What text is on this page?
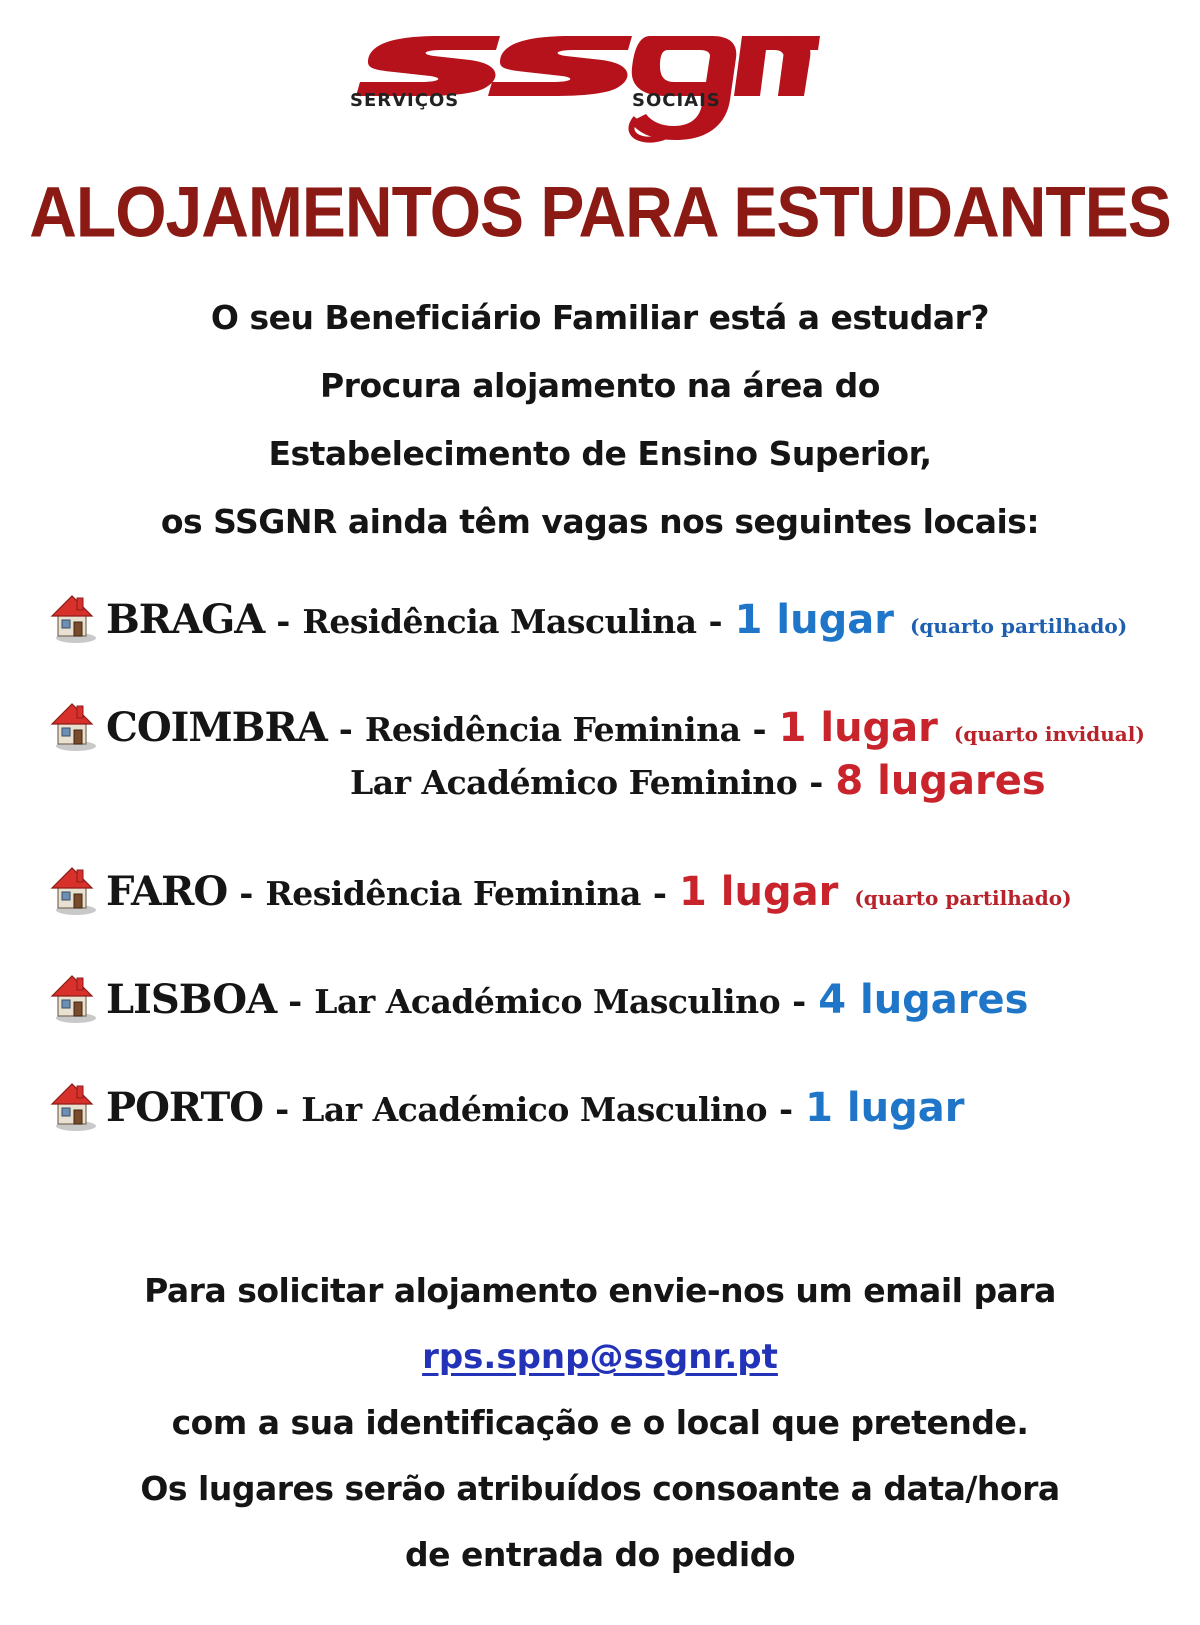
SERVIÇOS	SOCIAIS
ALOJAMENTOS PARA ESTUDANTES
O seu Beneficiário Familiar está a estudar?
Procura alojamento na área do
Estabelecimento de Ensino Superior,
os SSGNR ainda têm vagas nos seguintes locais:
BRAGA - Residência Masculina - 1 lugar (quarto partilhado)
COIMBRA - Residência Feminina - 1 lugar (quarto invidual)
Lar Académico Feminino - 8 lugares
FARO - Residência Feminina - 1 lugar (quarto partilhado)
LISBOA - Lar Académico Masculino - 4 lugares
PORTO - Lar Académico Masculino - 1 lugar
Para solicitar alojamento envie-nos um email para
rps.spnp@ssgnr.pt
com a sua identificação e o local que pretende.
Os lugares serão atribuídos consoante a data/hora
de entrada do pedido
